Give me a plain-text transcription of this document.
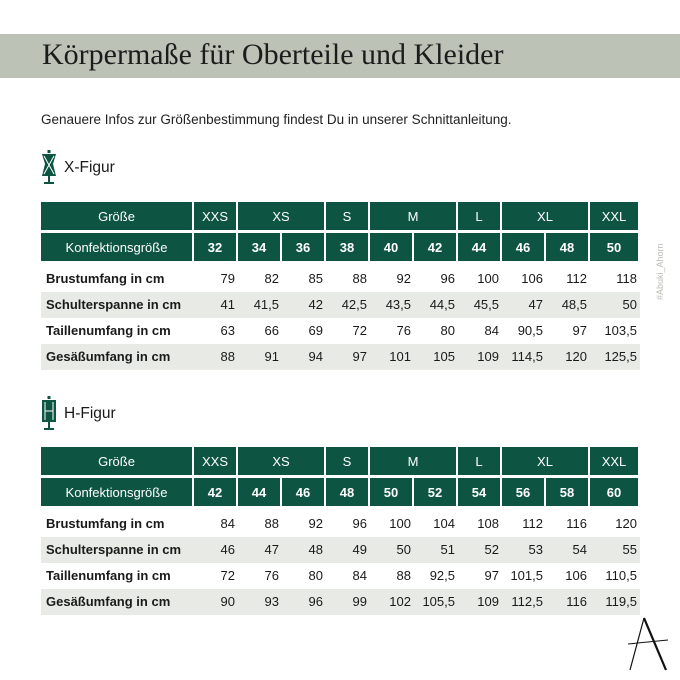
Körpermaße für Oberteile und Kleider
Genauere Infos zur Größenbestimmung findest Du in unserer Schnittanleitung.
X-Figur
Größe	XXS	XS	S	M	L	XL	XXL
Konfektionsgröße	32	34	36	38	40	42	44	46	48	50
Brustumfang in cm	79 82 85 88 92 96 100 106 112 118
Schulterspanne in cm	41 41,5 42 42,5 43,5 44,5 45,5 47 48,5	50
Taillenumfang in cm	63 66 69 72 76 80 84 90,5 97 103,5
Gesäßumfang in cm	88 91 94 97 101 105 109 114,5 120 125,5
H-Figur
Größe	XXS	XS	S	M	L	XL	XXL
Konfektionsgröße	42	44	46	48	50	52	54	56	58	60
Brustumfang in cm	84 88 92 96 100 104 108 112 116 120
Schulterspanne in cm	46 47 48 49 50 51 52 53 54	55
Taillenumfang in cm	72 76 80 84 88 92,5 97 101,5 106 110,5
Gesäßumfang in cm	90 93 96 99 102 105,5 109 112,5 116 119,5
#Abuki_Ahorn
